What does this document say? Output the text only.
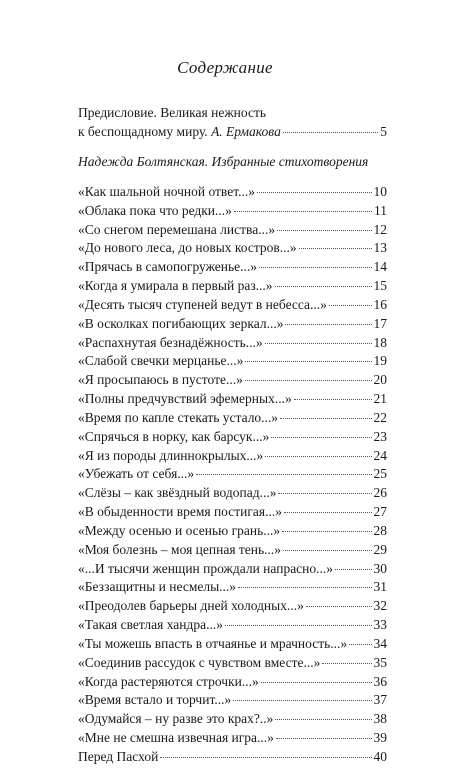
Содержание
Предисловие. Великая нежность
к беспощадному миру. А. Ермакова	5
Надежда Болтянская. Избранные стихотворения
«Как шальной ночной ответ...»	10
«Облака пока что редки...»	11
«Со снегом перемешана листва...»	12
«До нового леса, до новых костров...»	13
«Прячась в самопогруженье...»	14
«Когда я умирала в первый раз...»	15
«Десять тысяч ступеней ведут в небесса...»	16
«В осколках погибающих зеркал...»	17
«Распахнутая безнадёжность...»	18
«Слабой свечки мерцанье...»	19
«Я просыпаюсь в пустоте...»	20
«Полны предчувствий эфемерных...»	21
«Время по капле стекать устало...»	22
«Спрячься в норку, как барсук...»	23
«Я из породы длиннокрылых...»	24
«Убежать от себя...»	25
«Слёзы – как звёздный водопад...»	26
«В обыденности время постигая...»	27
«Между осенью и осенью грань...»	28
«Моя болезнь – моя цепная тень...»	29
«...И тысячи женщин прождали напрасно...»	30
«Беззащитны и несмелы...»	31
«Преодолев барьеры дней холодных...»	32
«Такая светлая хандра...»	33
«Ты можешь впасть в отчаянье и мрачность...» 34
«Соединив рассудок с чувством вместе...»	35
«Когда растеряются строчки...»	36
«Время встало и торчит...»	37
«Одумайся – ну разве это крах?..»	38
«Мне не смешна извечная игра...»	39
Перед Пасхой	40
